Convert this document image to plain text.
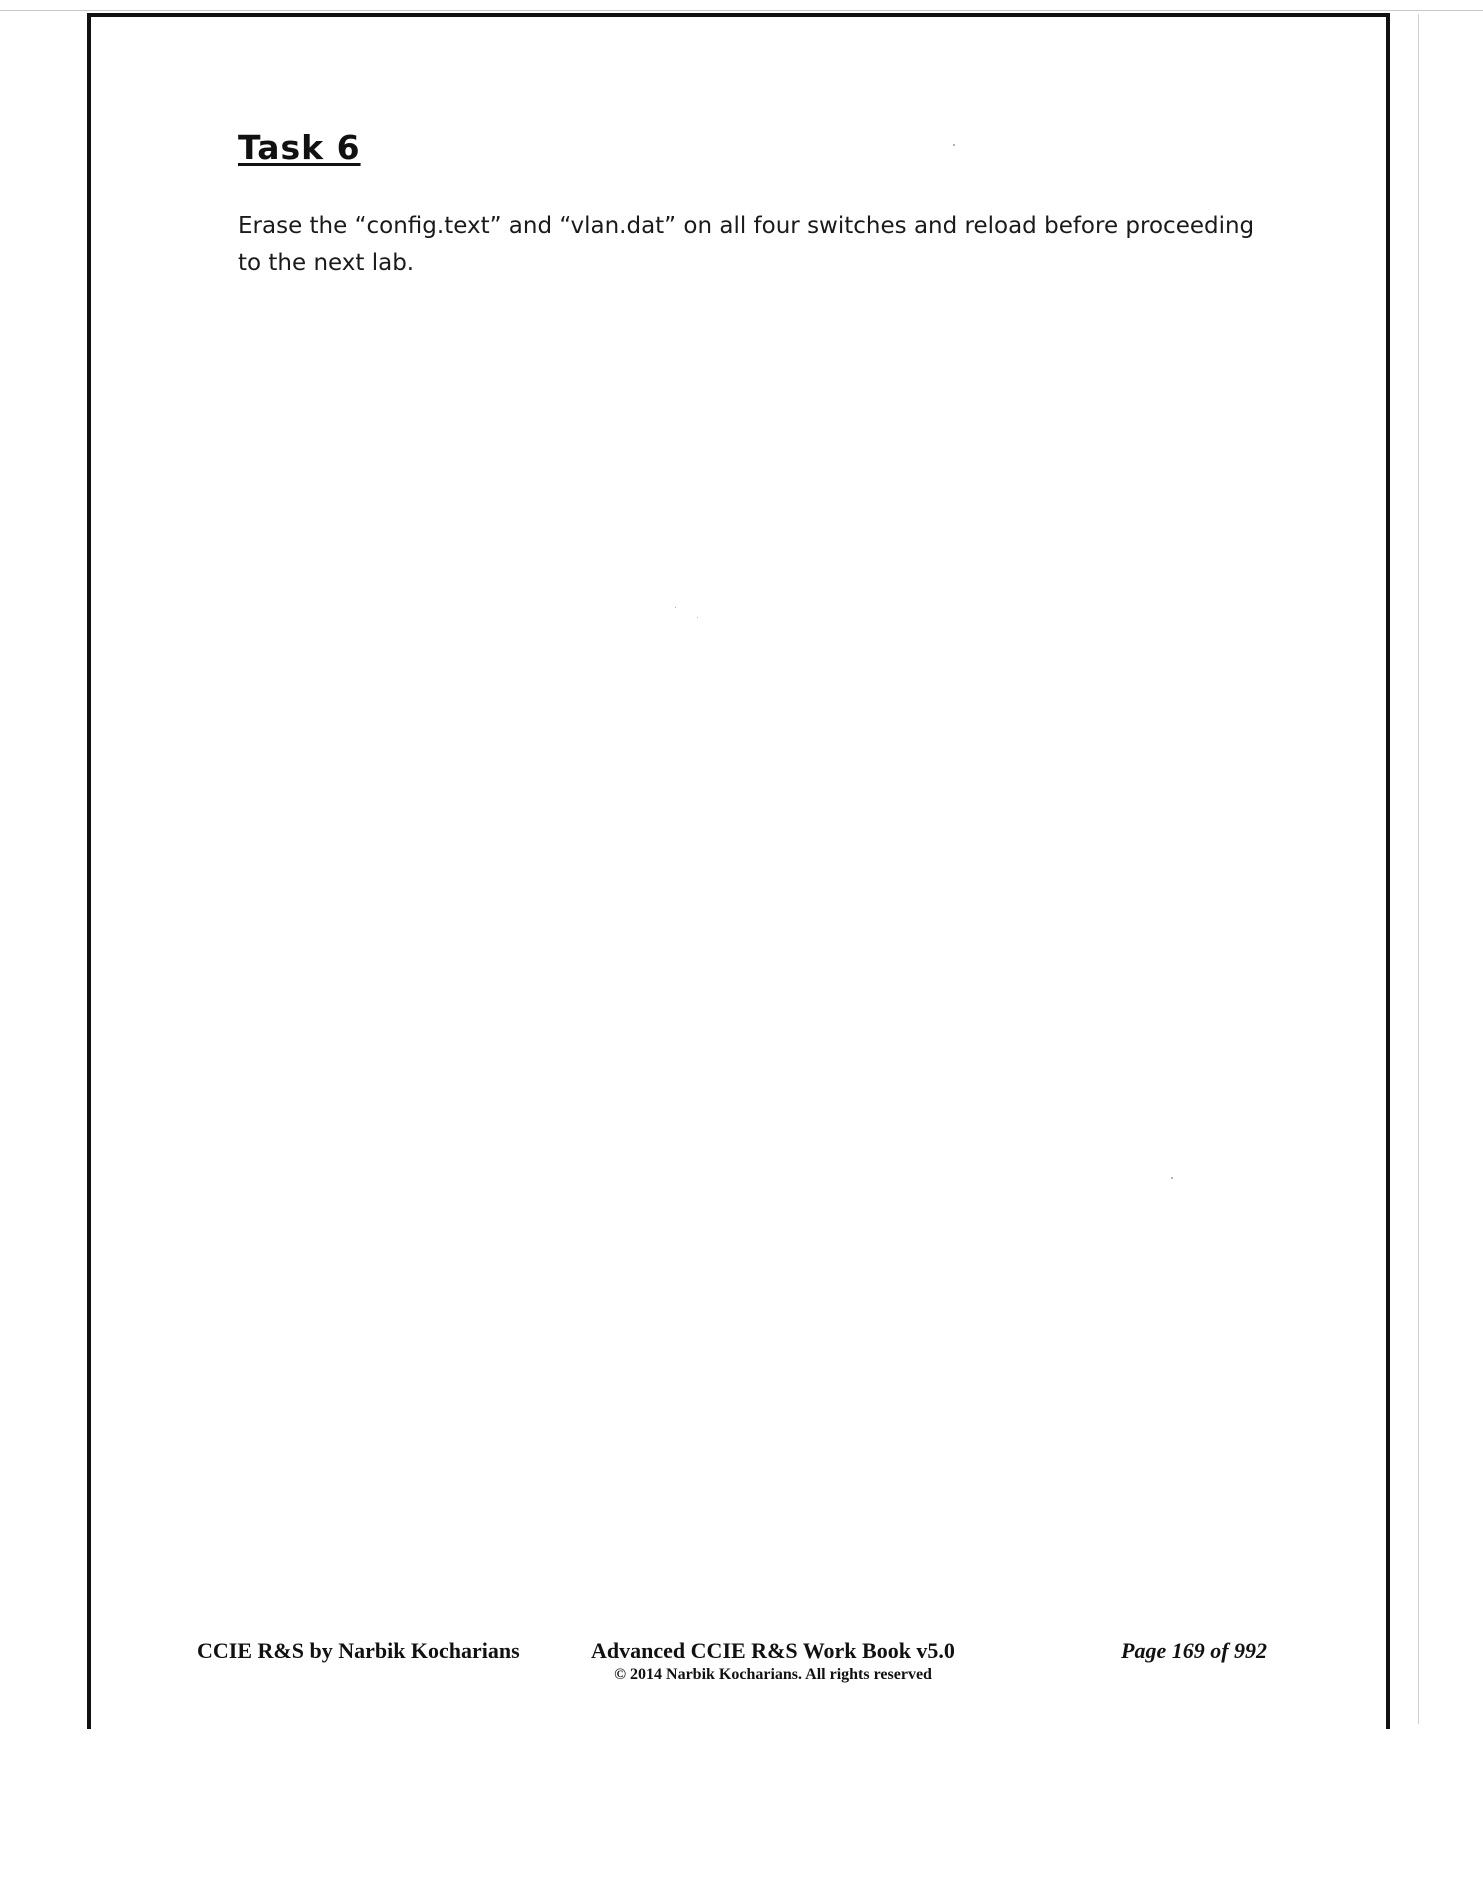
Task 6

Erase the “config.text” and “vlan.dat” on all four switches and reload before proceeding to the next lab.

CCIE R&S by Narbik Kocharians	Advanced CCIE R&S Work Book v5.0
© 2014 Narbik Kocharians. All rights reserved
Page 169 of 992
